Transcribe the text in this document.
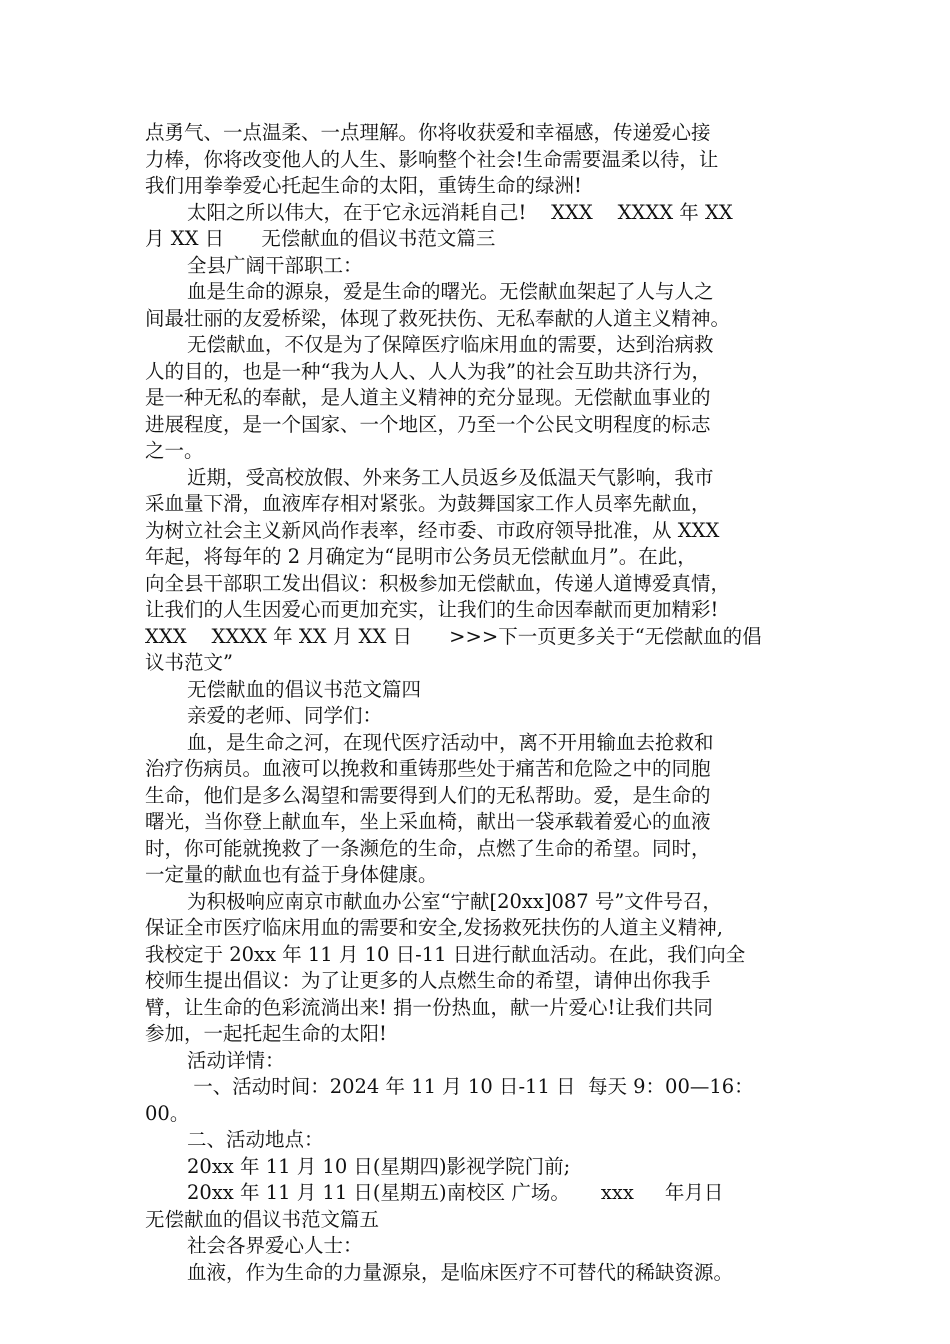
点勇气、一点温柔、一点理解。你将收获爱和幸福感，传递爱心接
力棒，你将改变他人的人生、影响整个社会!生命需要温柔以待，让
我们用拳拳爱心托起生命的太阳，重铸生命的绿洲!
太阳之所以伟大，在于它永远消耗自己!    XXX    XXXX 年 XX
月 XX 日      无偿献血的倡议书范文篇三
全县广阔干部职工：
血是生命的源泉，爱是生命的曙光。无偿献血架起了人与人之
间最壮丽的友爱桥梁，体现了救死扶伤、无私奉献的人道主义精神。
无偿献血，不仅是为了保障医疗临床用血的需要，达到治病救
人的目的，也是一种“我为人人、人人为我”的社会互助共济行为，
是一种无私的奉献，是人道主义精神的充分显现。无偿献血事业的
进展程度，是一个国家、一个地区，乃至一个公民文明程度的标志
之一。
近期，受高校放假、外来务工人员返乡及低温天气影响，我市
采血量下滑，血液库存相对紧张。为鼓舞国家工作人员率先献血，
为树立社会主义新风尚作表率，经市委、市政府领导批准，从 XXX
年起，将每年的 2 月确定为“昆明市公务员无偿献血月”。在此，
向全县干部职工发出倡议：积极参加无偿献血，传递人道博爱真情，
让我们的人生因爱心而更加充实，让我们的生命因奉献而更加精彩!
XXX    XXXX 年 XX 月 XX 日      >>>下一页更多关于“无偿献血的倡
议书范文”
无偿献血的倡议书范文篇四
亲爱的老师、同学们：
血，是生命之河，在现代医疗活动中，离不开用输血去抢救和
治疗伤病员。血液可以挽救和重铸那些处于痛苦和危险之中的同胞
生命，他们是多么渴望和需要得到人们的无私帮助。爱，是生命的
曙光，当你登上献血车，坐上采血椅，献出一袋承载着爱心的血液
时，你可能就挽救了一条濒危的生命，点燃了生命的希望。同时，
一定量的献血也有益于身体健康。
为积极响应南京市献血办公室“宁献[20xx]087 号”文件号召，
保证全市医疗临床用血的需要和安全,发扬救死扶伤的人道主义精神,
我校定于 20xx 年 11 月 10 日-11 日进行献血活动。在此，我们向全
校师生提出倡议：为了让更多的人点燃生命的希望，请伸出你我手
臂，让生命的色彩流淌出来! 捐一份热血，献一片爱心!让我们共同
参加，一起托起生命的太阳!
活动详情：
一、活动时间：2024 年 11 月 10 日-11 日  每天 9：00—16：
00。
二、活动地点：
20xx 年 11 月 10 日(星期四)影视学院门前;
20xx 年 11 月 11 日(星期五)南校区 广场。     xxx     年月日
无偿献血的倡议书范文篇五
社会各界爱心人士：
血液，作为生命的力量源泉，是临床医疗不可替代的稀缺资源。
